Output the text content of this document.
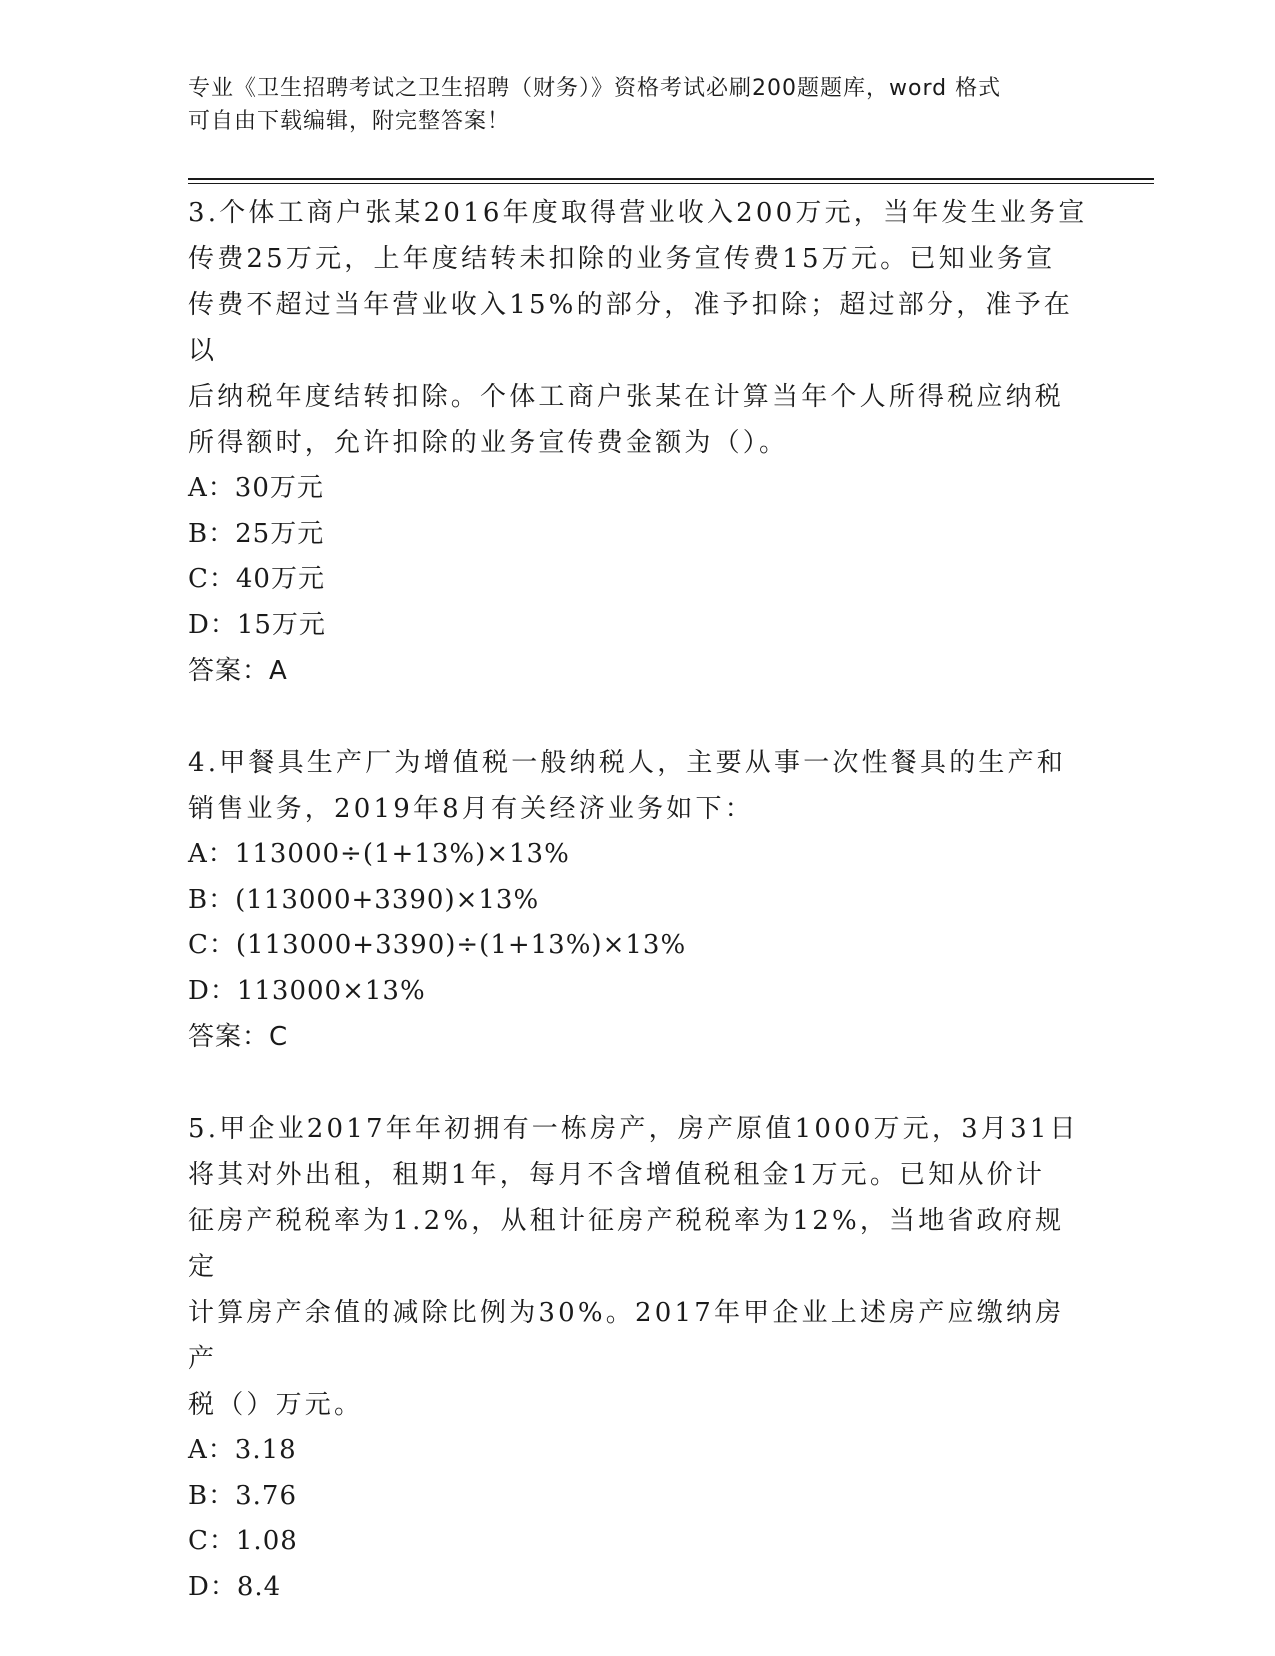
专业《卫生招聘考试之卫生招聘（财务）》资格考试必刷200题题库，word 格式
可自由下载编辑，附完整答案！

3.个体工商户张某2016年度取得营业收入200万元，当年发生业务宣
传费25万元，上年度结转未扣除的业务宣传费15万元。已知业务宣
传费不超过当年营业收入15%的部分，准予扣除；超过部分，准予在以
后纳税年度结转扣除。个体工商户张某在计算当年个人所得税应纳税
所得额时，允许扣除的业务宣传费金额为（）。

A：30万元

B：25万元

C：40万元

D：15万元

答案：A

4.甲餐具生产厂为增值税一般纳税人，主要从事一次性餐具的生产和
销售业务，2019年8月有关经济业务如下：

A：113000÷(1+13%)×13%

B：(113000+3390)×13%

C：(113000+3390)÷(1+13%)×13%

D：113000×13%

答案：C

5.甲企业2017年年初拥有一栋房产，房产原值1000万元，3月31日
将其对外出租，租期1年，每月不含增值税租金1万元。已知从价计
征房产税税率为1.2%，从租计征房产税税率为12%，当地省政府规定
计算房产余值的减除比例为30%。2017年甲企业上述房产应缴纳房产
税（）万元。

A：3.18

B：3.76

C：1.08

D：8.4
